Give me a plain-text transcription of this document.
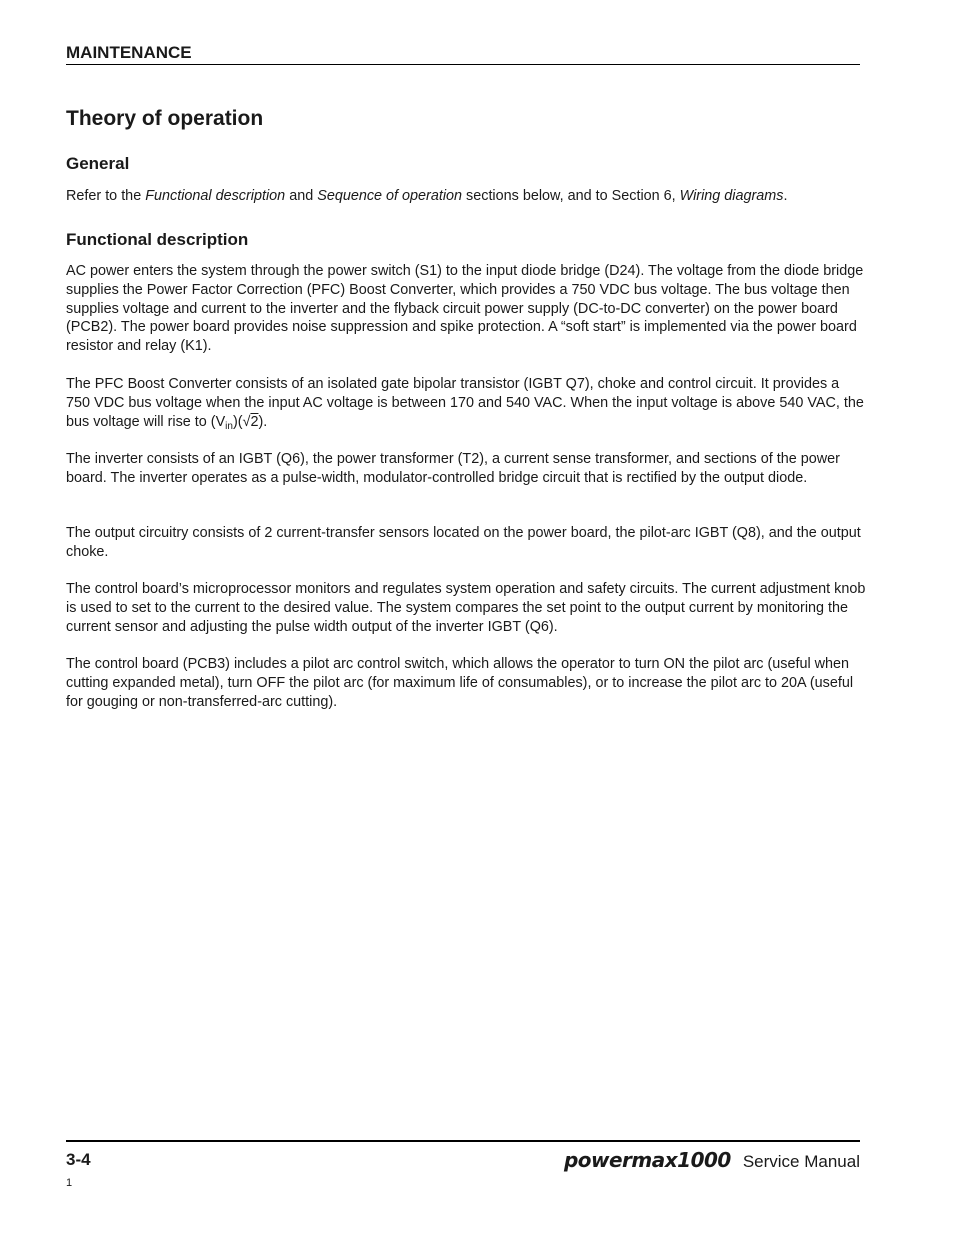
MAINTENANCE
Theory of operation
General
Refer to the Functional description and Sequence of operation sections below, and to Section 6, Wiring diagrams.
Functional description
AC power enters the system through the power switch (S1) to the input diode bridge (D24). The voltage from the diode bridge supplies the Power Factor Correction (PFC) Boost Converter, which provides a 750 VDC bus voltage. The bus voltage then supplies voltage and current to the inverter and the flyback circuit power supply (DC-to-DC converter) on the power board (PCB2). The power board provides noise suppression and spike protection. A “soft start” is implemented via the power board resistor and relay (K1).
The PFC Boost Converter consists of an isolated gate bipolar transistor (IGBT Q7), choke and control circuit. It provides a 750 VDC bus voltage when the input AC voltage is between 170 and 540 VAC. When the input voltage is above 540 VAC, the bus voltage will rise to $(V_{in})(√2)$.
The inverter consists of an IGBT (Q6), the power transformer (T2), a current sense transformer, and sections of the power board. The inverter operates as a pulse-width, modulator-controlled bridge circuit that is rectified by the output diode.
The output circuitry consists of 2 current-transfer sensors located on the power board, the pilot-arc IGBT (Q8), and the output choke.
The control board’s microprocessor monitors and regulates system operation and safety circuits. The current adjustment knob is used to set to the current to the desired value. The system compares the set point to the output current by monitoring the current sensor and adjusting the pulse width output of the inverter IGBT (Q6).
The control board (PCB3) includes a pilot arc control switch, which allows the operator to turn ON the pilot arc (useful when cutting expanded metal), turn OFF the pilot arc (for maximum life of consumables), or to increase the pilot arc to 20A (useful for gouging or non-transferred-arc cutting).
3-4	powermax1000 Service Manual
1
